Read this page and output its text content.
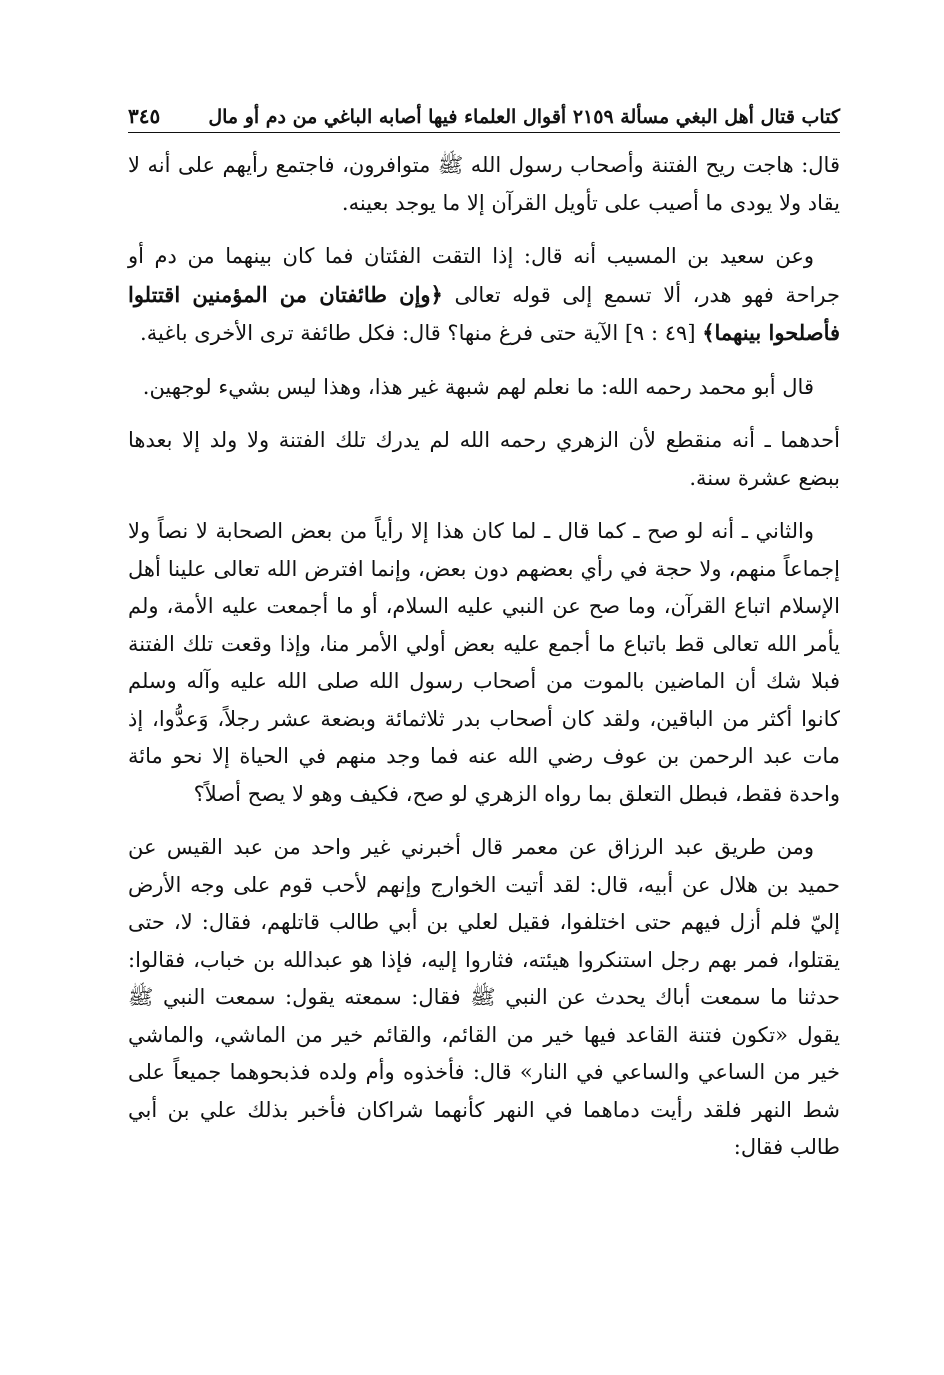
كتاب قتال أهل البغي مسألة ٢١٥٩ أقوال العلماء فيها أصابه الباغي من دم أو مال
٣٤٥

قال: هاجت ريح الفتنة وأصحاب رسول الله ﷺ متوافرون، فاجتمع رأيهم على أنه لا يقاد ولا يودى ما أصيب على تأويل القرآن إلا ما يوجد بعينه.

وعن سعيد بن المسيب أنه قال: إذا التقت الفئتان فما كان بينهما من دم أو جراحة فهو هدر، ألا تسمع إلى قوله تعالى ﴿وإن طائفتان من المؤمنين اقتتلوا فأصلحوا بينهما﴾ [٤٩ : ٩] الآية حتى فرغ منها؟ قال: فكل طائفة ترى الأخرى باغية.

قال أبو محمد رحمه الله: ما نعلم لهم شبهة غير هذا، وهذا ليس بشيء لوجهين.

أحدهما ـ أنه منقطع لأن الزهري رحمه الله لم يدرك تلك الفتنة ولا ولد إلا بعدها ببضع عشرة سنة.

والثاني ـ أنه لو صح ـ كما قال ـ لما كان هذا إلا رأياً من بعض الصحابة لا نصاً ولا إجماعاً منهم، ولا حجة في رأي بعضهم دون بعض، وإنما افترض الله تعالى علينا أهل الإسلام اتباع القرآن، وما صح عن النبي عليه السلام، أو ما أجمعت عليه الأمة، ولم يأمر الله تعالى قط باتباع ما أجمع عليه بعض أولي الأمر منا، وإذا وقعت تلك الفتنة فبلا شك أن الماضين بالموت من أصحاب رسول الله صلى الله عليه وآله وسلم كانوا أكثر من الباقين، ولقد كان أصحاب بدر ثلاثمائة وبضعة عشر رجلاً، وَعدُّوا، إذ مات عبد الرحمن بن عوف رضي الله عنه فما وجد منهم في الحياة إلا نحو مائة واحدة فقط، فبطل التعلق بما رواه الزهري لو صح، فكيف وهو لا يصح أصلاً؟

ومن طريق عبد الرزاق عن معمر قال أخبرني غير واحد من عبد القيس عن حميد بن هلال عن أبيه، قال: لقد أتيت الخوارج وإنهم لأحب قوم على وجه الأرض إليّ فلم أزل فيهم حتى اختلفوا، فقيل لعلي بن أبي طالب قاتلهم، فقال: لا، حتى يقتلوا، فمر بهم رجل استنكروا هيئته، فثاروا إليه، فإذا هو عبدالله بن خباب، فقالوا: حدثنا ما سمعت أباك يحدث عن النبي ﷺ فقال: سمعته يقول: سمعت النبي ﷺ يقول «تكون فتنة القاعد فيها خير من القائم، والقائم خير من الماشي، والماشي خير من الساعي والساعي في النار» قال: فأخذوه وأم ولده فذبحوهما جميعاً على شط النهر فلقد رأيت دماهما في النهر كأنهما شراكان فأخبر بذلك علي بن أبي طالب فقال:
